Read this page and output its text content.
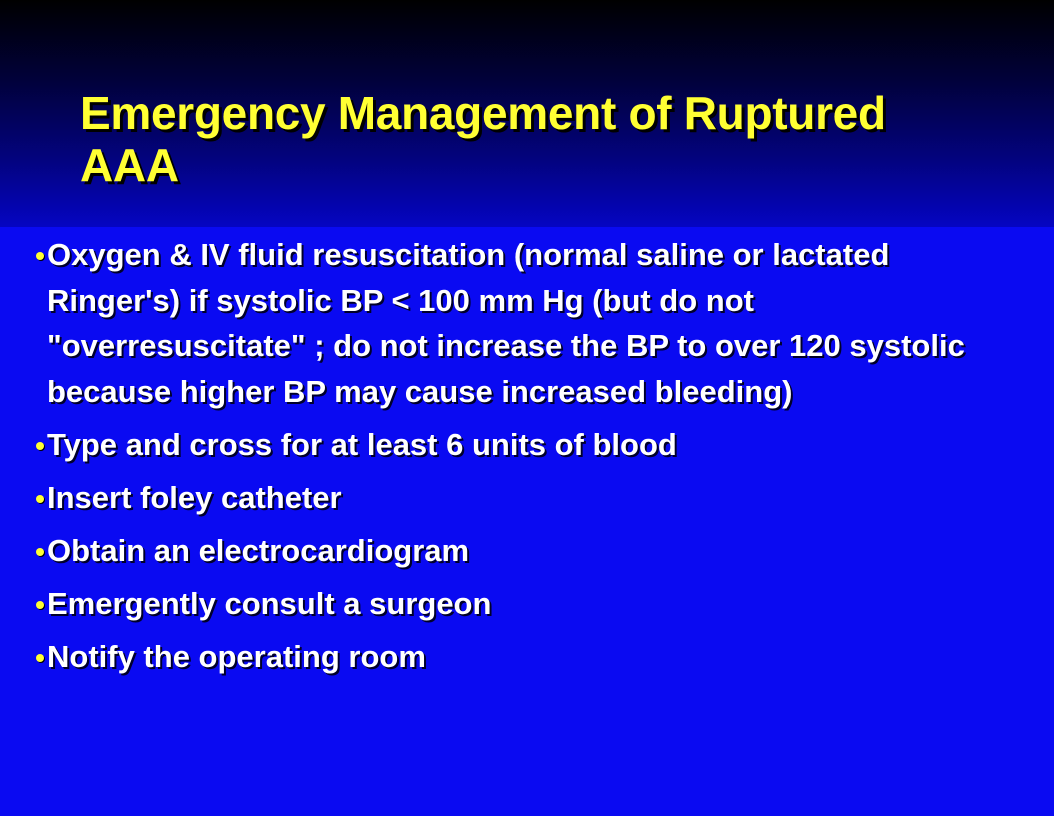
Emergency Management of Ruptured AAA
Oxygen & IV fluid resuscitation (normal saline or lactated Ringer's) if systolic BP < 100 mm Hg (but do not "overresuscitate" ; do not increase the BP to over 120 systolic because higher BP may cause increased bleeding)
Type and cross for at least 6 units of blood
Insert foley catheter
Obtain an electrocardiogram
Emergently consult a surgeon
Notify the operating room
